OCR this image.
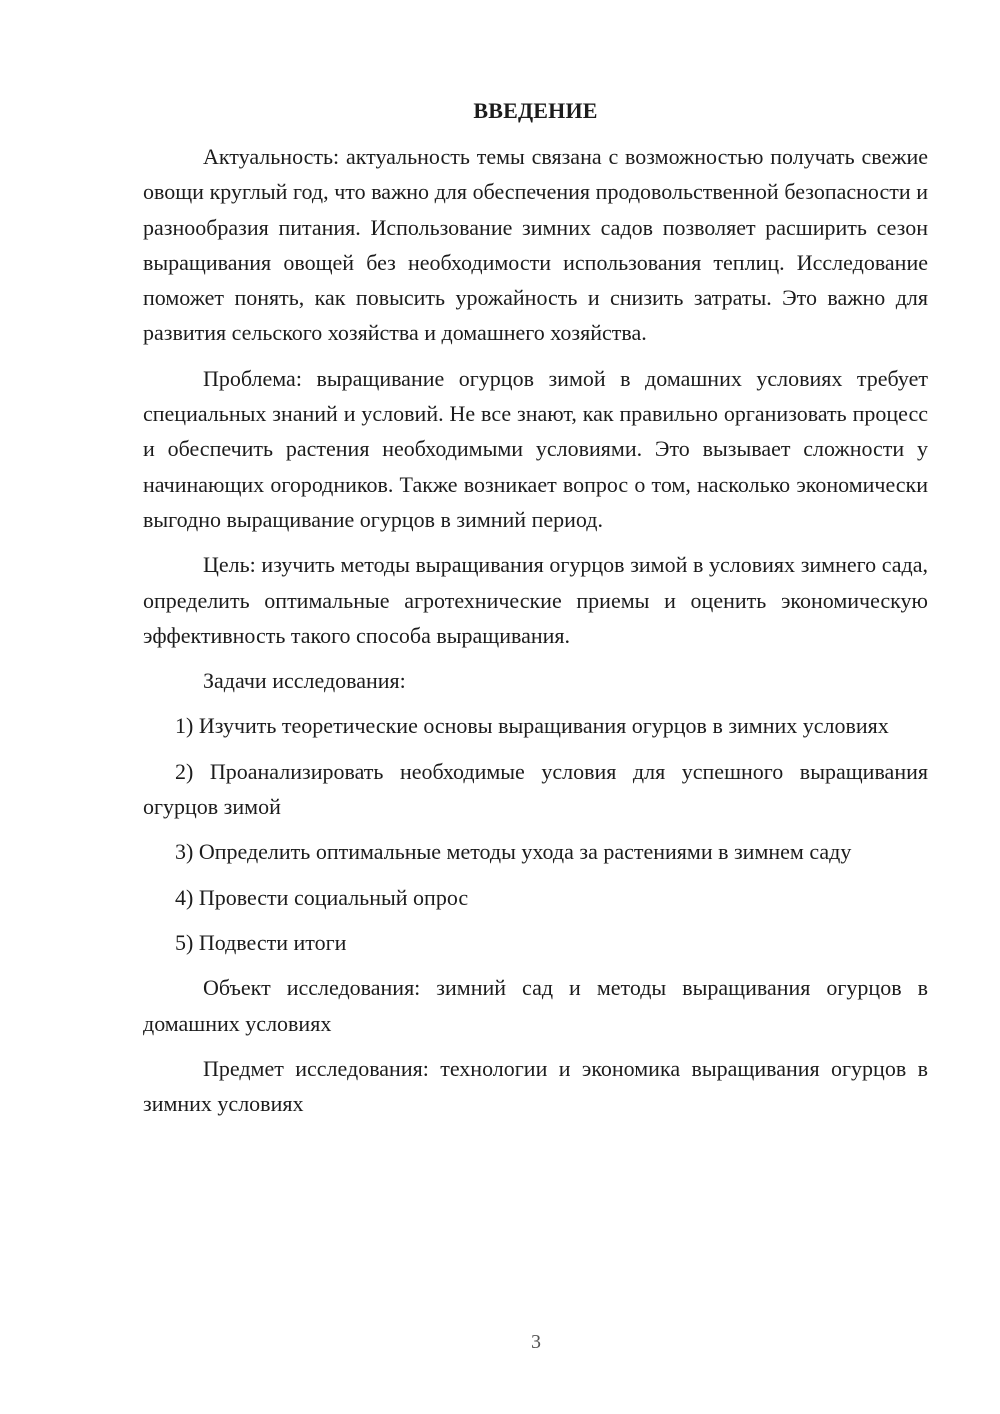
ВВЕДЕНИЕ

Актуальность: актуальность темы связана с возможностью получать свежие овощи круглый год, что важно для обеспечения продовольственной безопасности и разнообразия питания. Использование зимних садов позволяет расширить сезон выращивания овощей без необходимости использования теплиц. Исследование поможет понять, как повысить урожайность и снизить затраты. Это важно для развития сельского хозяйства и домашнего хозяйства.

Проблема: выращивание огурцов зимой в домашних условиях требует специальных знаний и условий. Не все знают, как правильно организовать процесс и обеспечить растения необходимыми условиями. Это вызывает сложности у начинающих огородников. Также возникает вопрос о том, насколько экономически выгодно выращивание огурцов в зимний период.

Цель: изучить методы выращивания огурцов зимой в условиях зимнего сада, определить оптимальные агротехнические приемы и оценить экономическую эффективность такого способа выращивания.

Задачи исследования:

1) Изучить теоретические основы выращивания огурцов в зимних условиях

2) Проанализировать необходимые условия для успешного выращивания огурцов зимой

3) Определить оптимальные методы ухода за растениями в зимнем саду

4) Провести социальный опрос

5) Подвести итоги

Объект исследования: зимний сад и методы выращивания огурцов в домашних условиях

Предмет исследования: технологии и экономика выращивания огурцов в зимних условиях

3
